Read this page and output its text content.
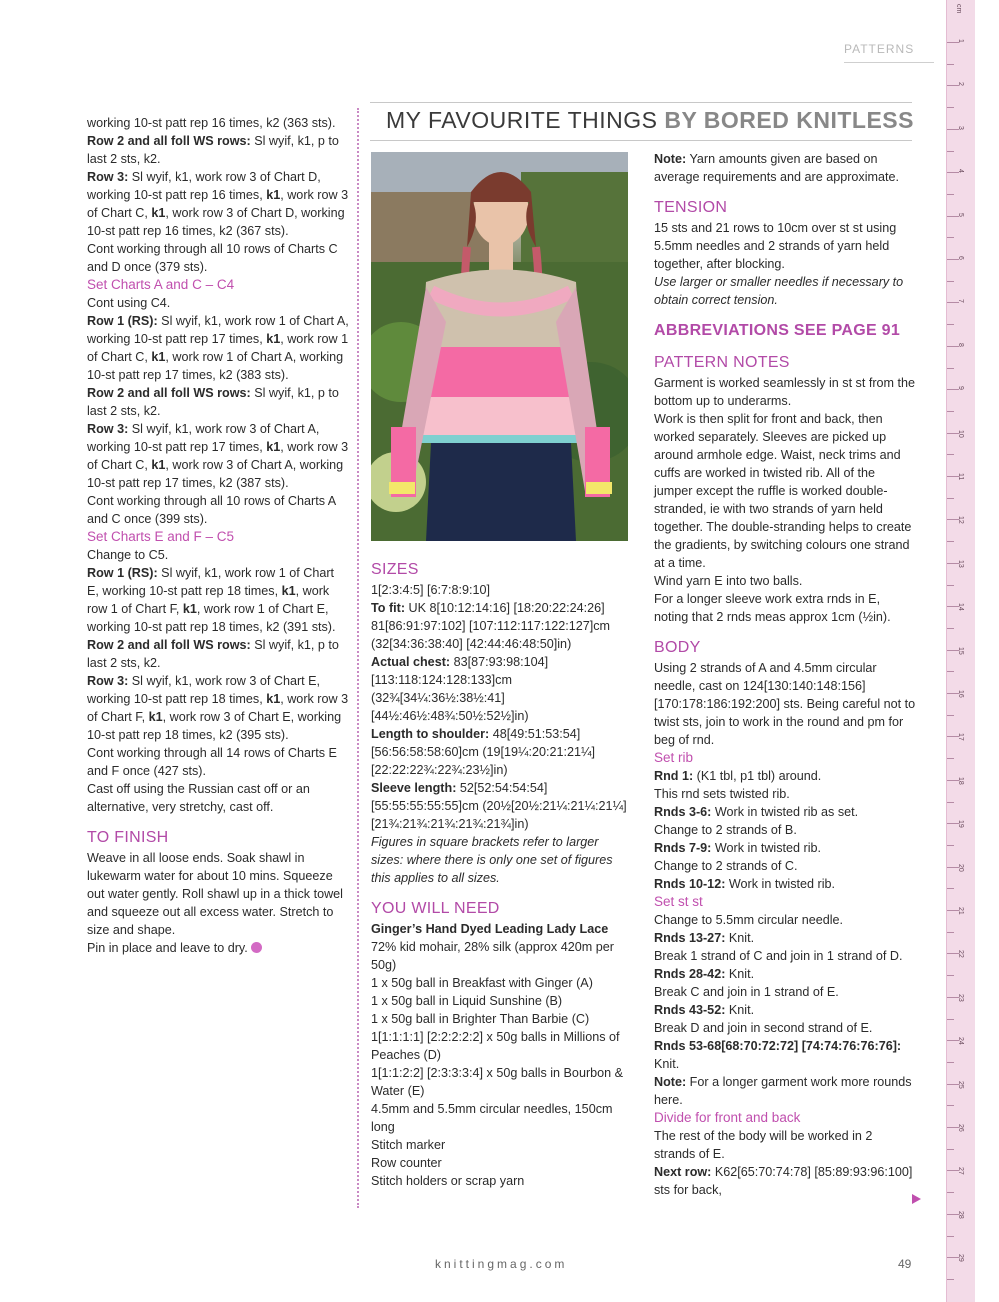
PATTERNS
MY FAVOURITE THINGS BY BORED KNITLESS

working 10-st patt rep 16 times, k2 (363 sts).

Row 2 and all foll WS rows: Sl wyif, k1, p to last 2 sts, k2.

Row 3: Sl wyif, k1, work row 3 of Chart D, working 10-st patt rep 16 times, k1, work row 3 of Chart C, k1, work row 3 of Chart D, working 10-st patt rep 16 times, k2 (367 sts).

Cont working through all 10 rows of Charts C and D once (379 sts).

Set Charts A and C – C4

Cont using C4.

Row 1 (RS): Sl wyif, k1, work row 1 of Chart A, working 10-st patt rep 17 times, k1, work row 1 of Chart C, k1, work row 1 of Chart A, working 10-st patt rep 17 times, k2 (383 sts).

Row 2 and all foll WS rows: Sl wyif, k1, p to last 2 sts, k2.

Row 3: Sl wyif, k1, work row 3 of Chart A, working 10-st patt rep 17 times, k1, work row 3 of Chart C, k1, work row 3 of Chart A, working 10-st patt rep 17 times, k2 (387 sts).

Cont working through all 10 rows of Charts A and C once (399 sts).

Set Charts E and F – C5

Change to C5.

Row 1 (RS): Sl wyif, k1, work row 1 of Chart E, working 10-st patt rep 18 times, k1, work row 1 of Chart F, k1, work row 1 of Chart E, working 10-st patt rep 18 times, k2 (391 sts).

Row 2 and all foll WS rows: Sl wyif, k1, p to last 2 sts, k2.

Row 3: Sl wyif, k1, work row 3 of Chart E, working 10-st patt rep 18 times, k1, work row 3 of Chart F, k1, work row 3 of Chart E, working 10-st patt rep 18 times, k2 (395 sts).

Cont working through all 14 rows of Charts E and F once (427 sts).

Cast off using the Russian cast off or an alternative, very stretchy, cast off.

TO FINISH

Weave in all loose ends. Soak shawl in lukewarm water for about 10 mins. Squeeze out water gently. Roll shawl up in a thick towel and squeeze out all excess water. Stretch to size and shape.

Pin in place and leave to dry.

SIZES

1[2:3:4:5] [6:7:8:9:10]

To fit: UK 8[10:12:14:16] [18:20:22:24:26] 81[86:91:97:102] [107:112:117:122:127]cm (32[34:36:38:40] [42:44:46:48:50]in)

Actual chest: 83[87:93:98:104] [113:118:124:128:133]cm (32¾[34¼:36½:38½:41] [44½:46½:48¾:50½:52½]in)

Length to shoulder: 48[49:51:53:54] [56:56:58:58:60]cm (19[19¼:20:21:21¼] [22:22:22¾:22¾:23½]in)

Sleeve length: 52[52:54:54:54] [55:55:55:55:55]cm (20½[20½:21¼:21¼:21¼] [21¾:21¾:21¾:21¾:21¾]in)

Figures in square brackets refer to larger sizes: where there is only one set of figures this applies to all sizes.

YOU WILL NEED

Ginger’s Hand Dyed Leading Lady Lace

72% kid mohair, 28% silk (approx 420m per 50g)

1 x 50g ball in Breakfast with Ginger (A)

1 x 50g ball in Liquid Sunshine (B)

1 x 50g ball in Brighter Than Barbie (C)

1[1:1:1:1] [2:2:2:2:2] x 50g balls in Millions of Peaches (D)

1[1:1:2:2] [2:3:3:3:4] x 50g balls in Bourbon & Water (E)

4.5mm and 5.5mm circular needles, 150cm long

Stitch marker

Row counter

Stitch holders or scrap yarn

Note: Yarn amounts given are based on average requirements and are approximate.

TENSION

15 sts and 21 rows to 10cm over st st using 5.5mm needles and 2 strands of yarn held together, after blocking.

Use larger or smaller needles if necessary to obtain correct tension.

ABBREVIATIONS SEE PAGE 91

PATTERN NOTES

Garment is worked seamlessly in st st from the bottom up to underarms.

Work is then split for front and back, then worked separately. Sleeves are picked up around armhole edge. Waist, neck trims and cuffs are worked in twisted rib. All of the jumper except the ruffle is worked double-stranded, ie with two strands of yarn held together. The double-stranding helps to create the gradients, by switching colours one strand at a time.

Wind yarn E into two balls.

For a longer sleeve work extra rnds in E, noting that 2 rnds meas approx 1cm (½in).

BODY

Using 2 strands of A and 4.5mm circular needle, cast on 124[130:140:148:156] [170:178:186:192:200] sts. Being careful not to twist sts, join to work in the round and pm for beg of rnd.

Set rib

Rnd 1: (K1 tbl, p1 tbl) around.

This rnd sets twisted rib.

Rnds 3-6: Work in twisted rib as set.

Change to 2 strands of B.

Rnds 7-9: Work in twisted rib.

Change to 2 strands of C.

Rnds 10-12: Work in twisted rib.

Set st st

Change to 5.5mm circular needle.

Rnds 13-27: Knit.

Break 1 strand of C and join in 1 strand of D.

Rnds 28-42: Knit.

Break C and join in 1 strand of E.

Rnds 43-52: Knit.

Break D and join in second strand of E.

Rnds 53-68[68:70:72:72] [74:74:76:76:76]: Knit.

Note: For a longer garment work more rounds here.

Divide for front and back

The rest of the body will be worked in 2 strands of E.

Next row: K62[65:70:74:78] [85:89:93:96:100] sts for back,

knittingmag.com	49
cm
1
2
3
4
5
6
7
8
9
10
11
12
13
14
15
16
17
18
19
20
21
22
23
24
25
26
27
28
29
